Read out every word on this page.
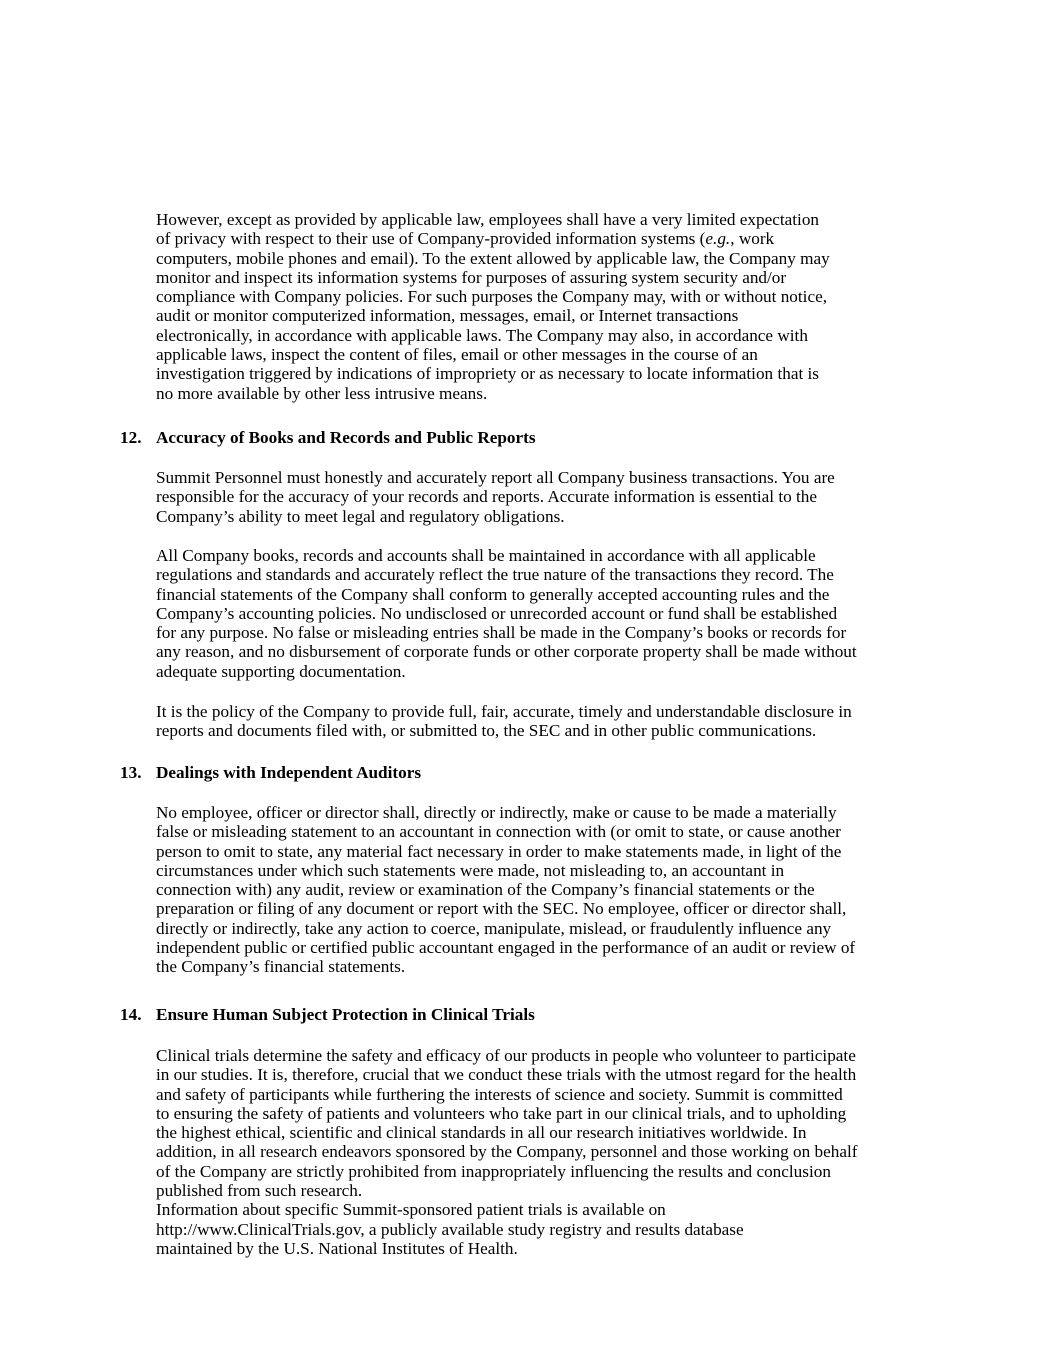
However, except as provided by applicable law, employees shall have a very limited expectation
of privacy with respect to their use of Company-provided information systems (e.g., work
computers, mobile phones and email). To the extent allowed by applicable law, the Company may
monitor and inspect its information systems for purposes of assuring system security and/or
compliance with Company policies. For such purposes the Company may, with or without notice,
audit or monitor computerized information, messages, email, or Internet transactions
electronically, in accordance with applicable laws. The Company may also, in accordance with
applicable laws, inspect the content of files, email or other messages in the course of an
investigation triggered by indications of impropriety or as necessary to locate information that is
no more available by other less intrusive means.
12. Accuracy of Books and Records and Public Reports
Summit Personnel must honestly and accurately report all Company business transactions. You are
responsible for the accuracy of your records and reports. Accurate information is essential to the
Company’s ability to meet legal and regulatory obligations.
All Company books, records and accounts shall be maintained in accordance with all applicable
regulations and standards and accurately reflect the true nature of the transactions they record. The
financial statements of the Company shall conform to generally accepted accounting rules and the
Company’s accounting policies. No undisclosed or unrecorded account or fund shall be established
for any purpose. No false or misleading entries shall be made in the Company’s books or records for
any reason, and no disbursement of corporate funds or other corporate property shall be made without
adequate supporting documentation.
It is the policy of the Company to provide full, fair, accurate, timely and understandable disclosure in
reports and documents filed with, or submitted to, the SEC and in other public communications.
13. Dealings with Independent Auditors
No employee, officer or director shall, directly or indirectly, make or cause to be made a materially
false or misleading statement to an accountant in connection with (or omit to state, or cause another
person to omit to state, any material fact necessary in order to make statements made, in light of the
circumstances under which such statements were made, not misleading to, an accountant in
connection with) any audit, review or examination of the Company’s financial statements or the
preparation or filing of any document or report with the SEC. No employee, officer or director shall,
directly or indirectly, take any action to coerce, manipulate, mislead, or fraudulently influence any
independent public or certified public accountant engaged in the performance of an audit or review of
the Company’s financial statements.
14. Ensure Human Subject Protection in Clinical Trials
Clinical trials determine the safety and efficacy of our products in people who volunteer to participate
in our studies. It is, therefore, crucial that we conduct these trials with the utmost regard for the health
and safety of participants while furthering the interests of science and society. Summit is committed
to ensuring the safety of patients and volunteers who take part in our clinical trials, and to upholding
the highest ethical, scientific and clinical standards in all our research initiatives worldwide. In
addition, in all research endeavors sponsored by the Company, personnel and those working on behalf
of the Company are strictly prohibited from inappropriately influencing the results and conclusion
published from such research.
Information about specific Summit-sponsored patient trials is available on
http://www.ClinicalTrials.gov, a publicly available study registry and results database
maintained by the U.S. National Institutes of Health.
